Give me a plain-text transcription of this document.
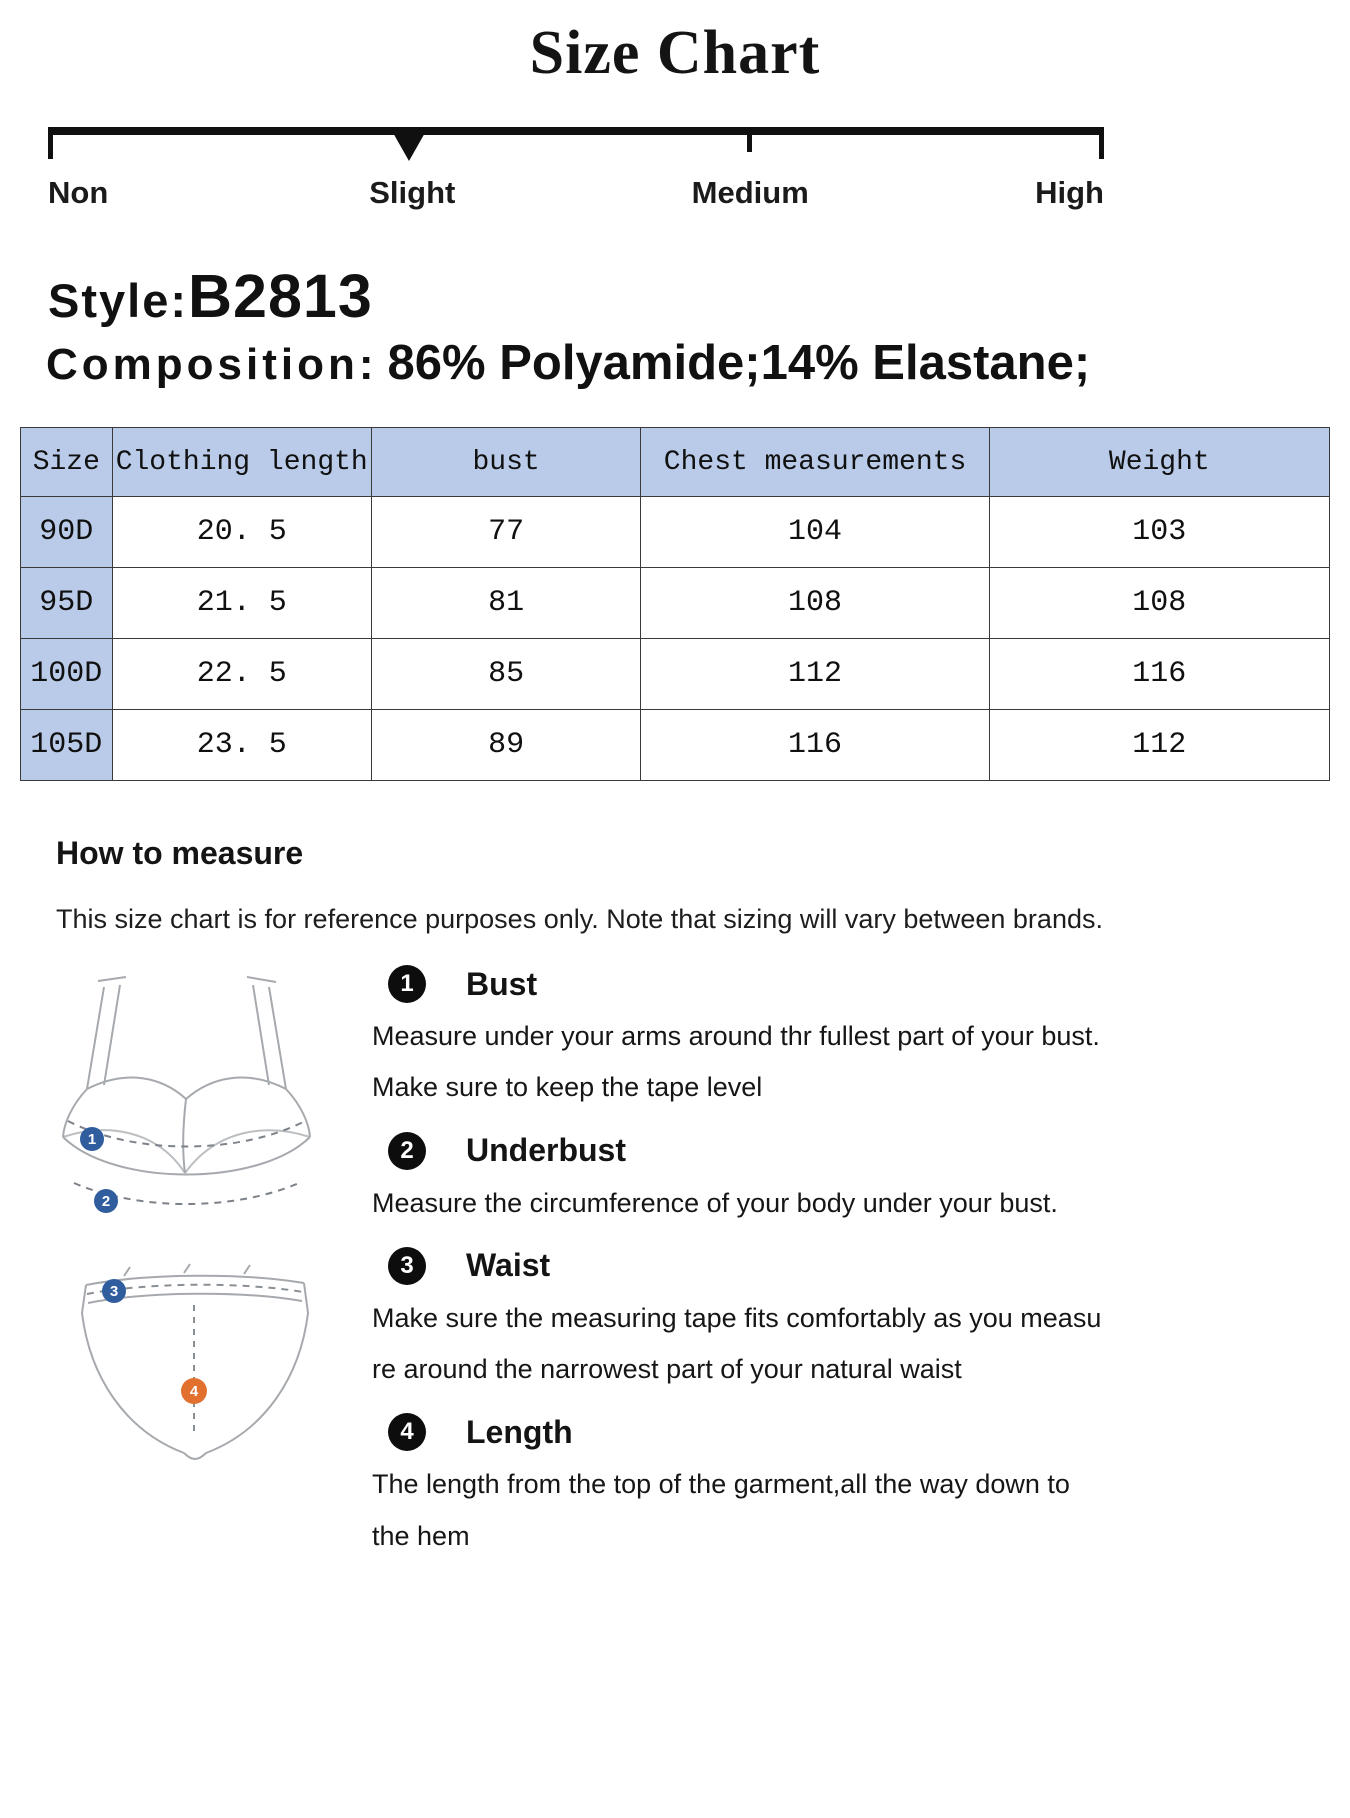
Size Chart
Non	Slight	Medium	High
Style: B2813
Composition: 86% Polyamide;14% Elastane;
Size	Clothing length	bust	Chest measurements	Weight
90D	20. 5	77	104	103
95D	21. 5	81	108	108
100D	22. 5	85	112	116
105D	23. 5	89	116	112
How to measure

This size chart is for reference purposes only. Note that sizing will vary between brands.

1
2
3
4
1	Bust
Measure under your arms around thr fullest part of your bust.
Make sure to keep the tape level
2	Underbust
Measure the circumference of your body under your bust.
3	Waist
Make sure the measuring tape fits comfortably as you measu
re around the narrowest part of your natural waist
4	Length
The length from the top of the garment,all the way down to
the hem
